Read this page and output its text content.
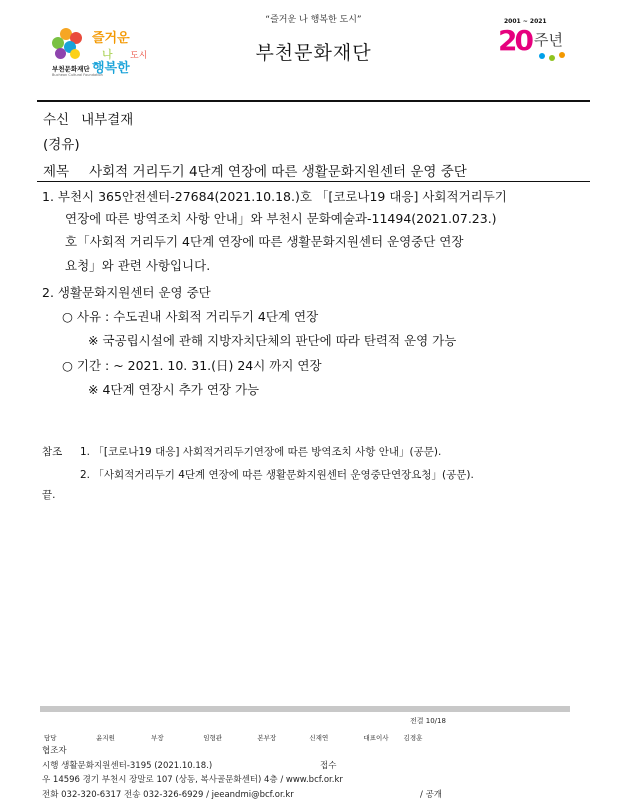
“즐거운 나 행복한 도시”
부천문화재단
Bucheon Cultural Foundation
즐거운
나
행복한
도시	부천문화재단
2001 ~ 2021
20 주년
수신 내부결재
(경유)
제목 사회적 거리두기 4단계 연장에 따른 생활문화지원센터 운영 중단
1. 부천시 365안전센터-27684(2021.10.18.)호 「[코로나19 대응] 사회적거리두기
연장에 따른 방역조치 사항 안내」와 부천시 문화예술과-11494(2021.07.23.)
호「사회적 거리두기 4단계 연장에 따른 생활문화지원센터 운영중단 연장
요청」와 관련 사항입니다.
2. 생활문화지원센터 운영 중단
○ 사유 : 수도권내 사회적 거리두기 4단계 연장
※ 국공립시설에 관해 지방자치단체의 판단에 따라 탄력적 운영 가능
○ 기간 : ~ 2021. 10. 31.(日) 24시 까지 연장
※ 4단계 연장시 추가 연장 가능
참조 1. 「[코로나19 대응] 사회적거리두기연장에 따른 방역조치 사항 안내」(공문).
2. 「사회적거리두기 4단계 연장에 따른 생활문화지원센터 운영중단연장요청」(공문).
끝.
전결 10/18
담당	윤지원	부장	임형관	본부장	신재연	대표이사 김경훈
협조자
시행 생활문화지원센터-3195 (2021.10.18.)	접수
우 14596 경기 부천시 장말로 107 (상동, 복사골문화센터) 4층 / www.bcf.or.kr
전화 032-320-6317 전송 032-326-6929 / jeeandmi@bcf.or.kr	/ 공개
